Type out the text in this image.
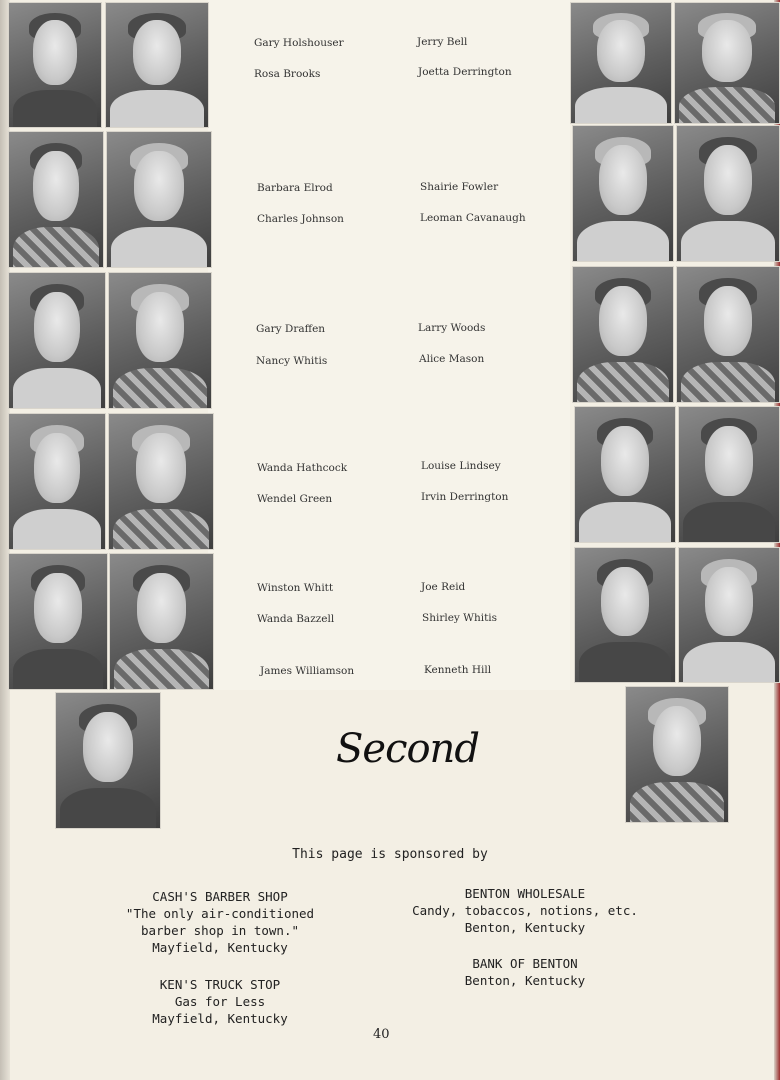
Gary Holshouser	Jerry Bell
Rosa Brooks	Joetta Derrington
Barbara Elrod	Shairie Fowler
Charles Johnson	Leoman Cavanaugh
Gary Draffen	Larry Woods
Nancy Whitis	Alice Mason
Wanda Hathcock	Louise Lindsey
Wendel Green	Irvin Derrington
Winston Whitt	Joe Reid
Wanda Bazzell	Shirley Whitis
James Williamson	Kenneth Hill
Second
This page is sponsored by
CASH'S BARBER SHOP
"The only air-conditioned
barber shop in town."
Mayfield, Kentucky
KEN'S TRUCK STOP
Gas for Less
Mayfield, Kentucky
BENTON WHOLESALE
Candy, tobaccos, notions, etc.
Benton, Kentucky
BANK OF BENTON
Benton, Kentucky
40
